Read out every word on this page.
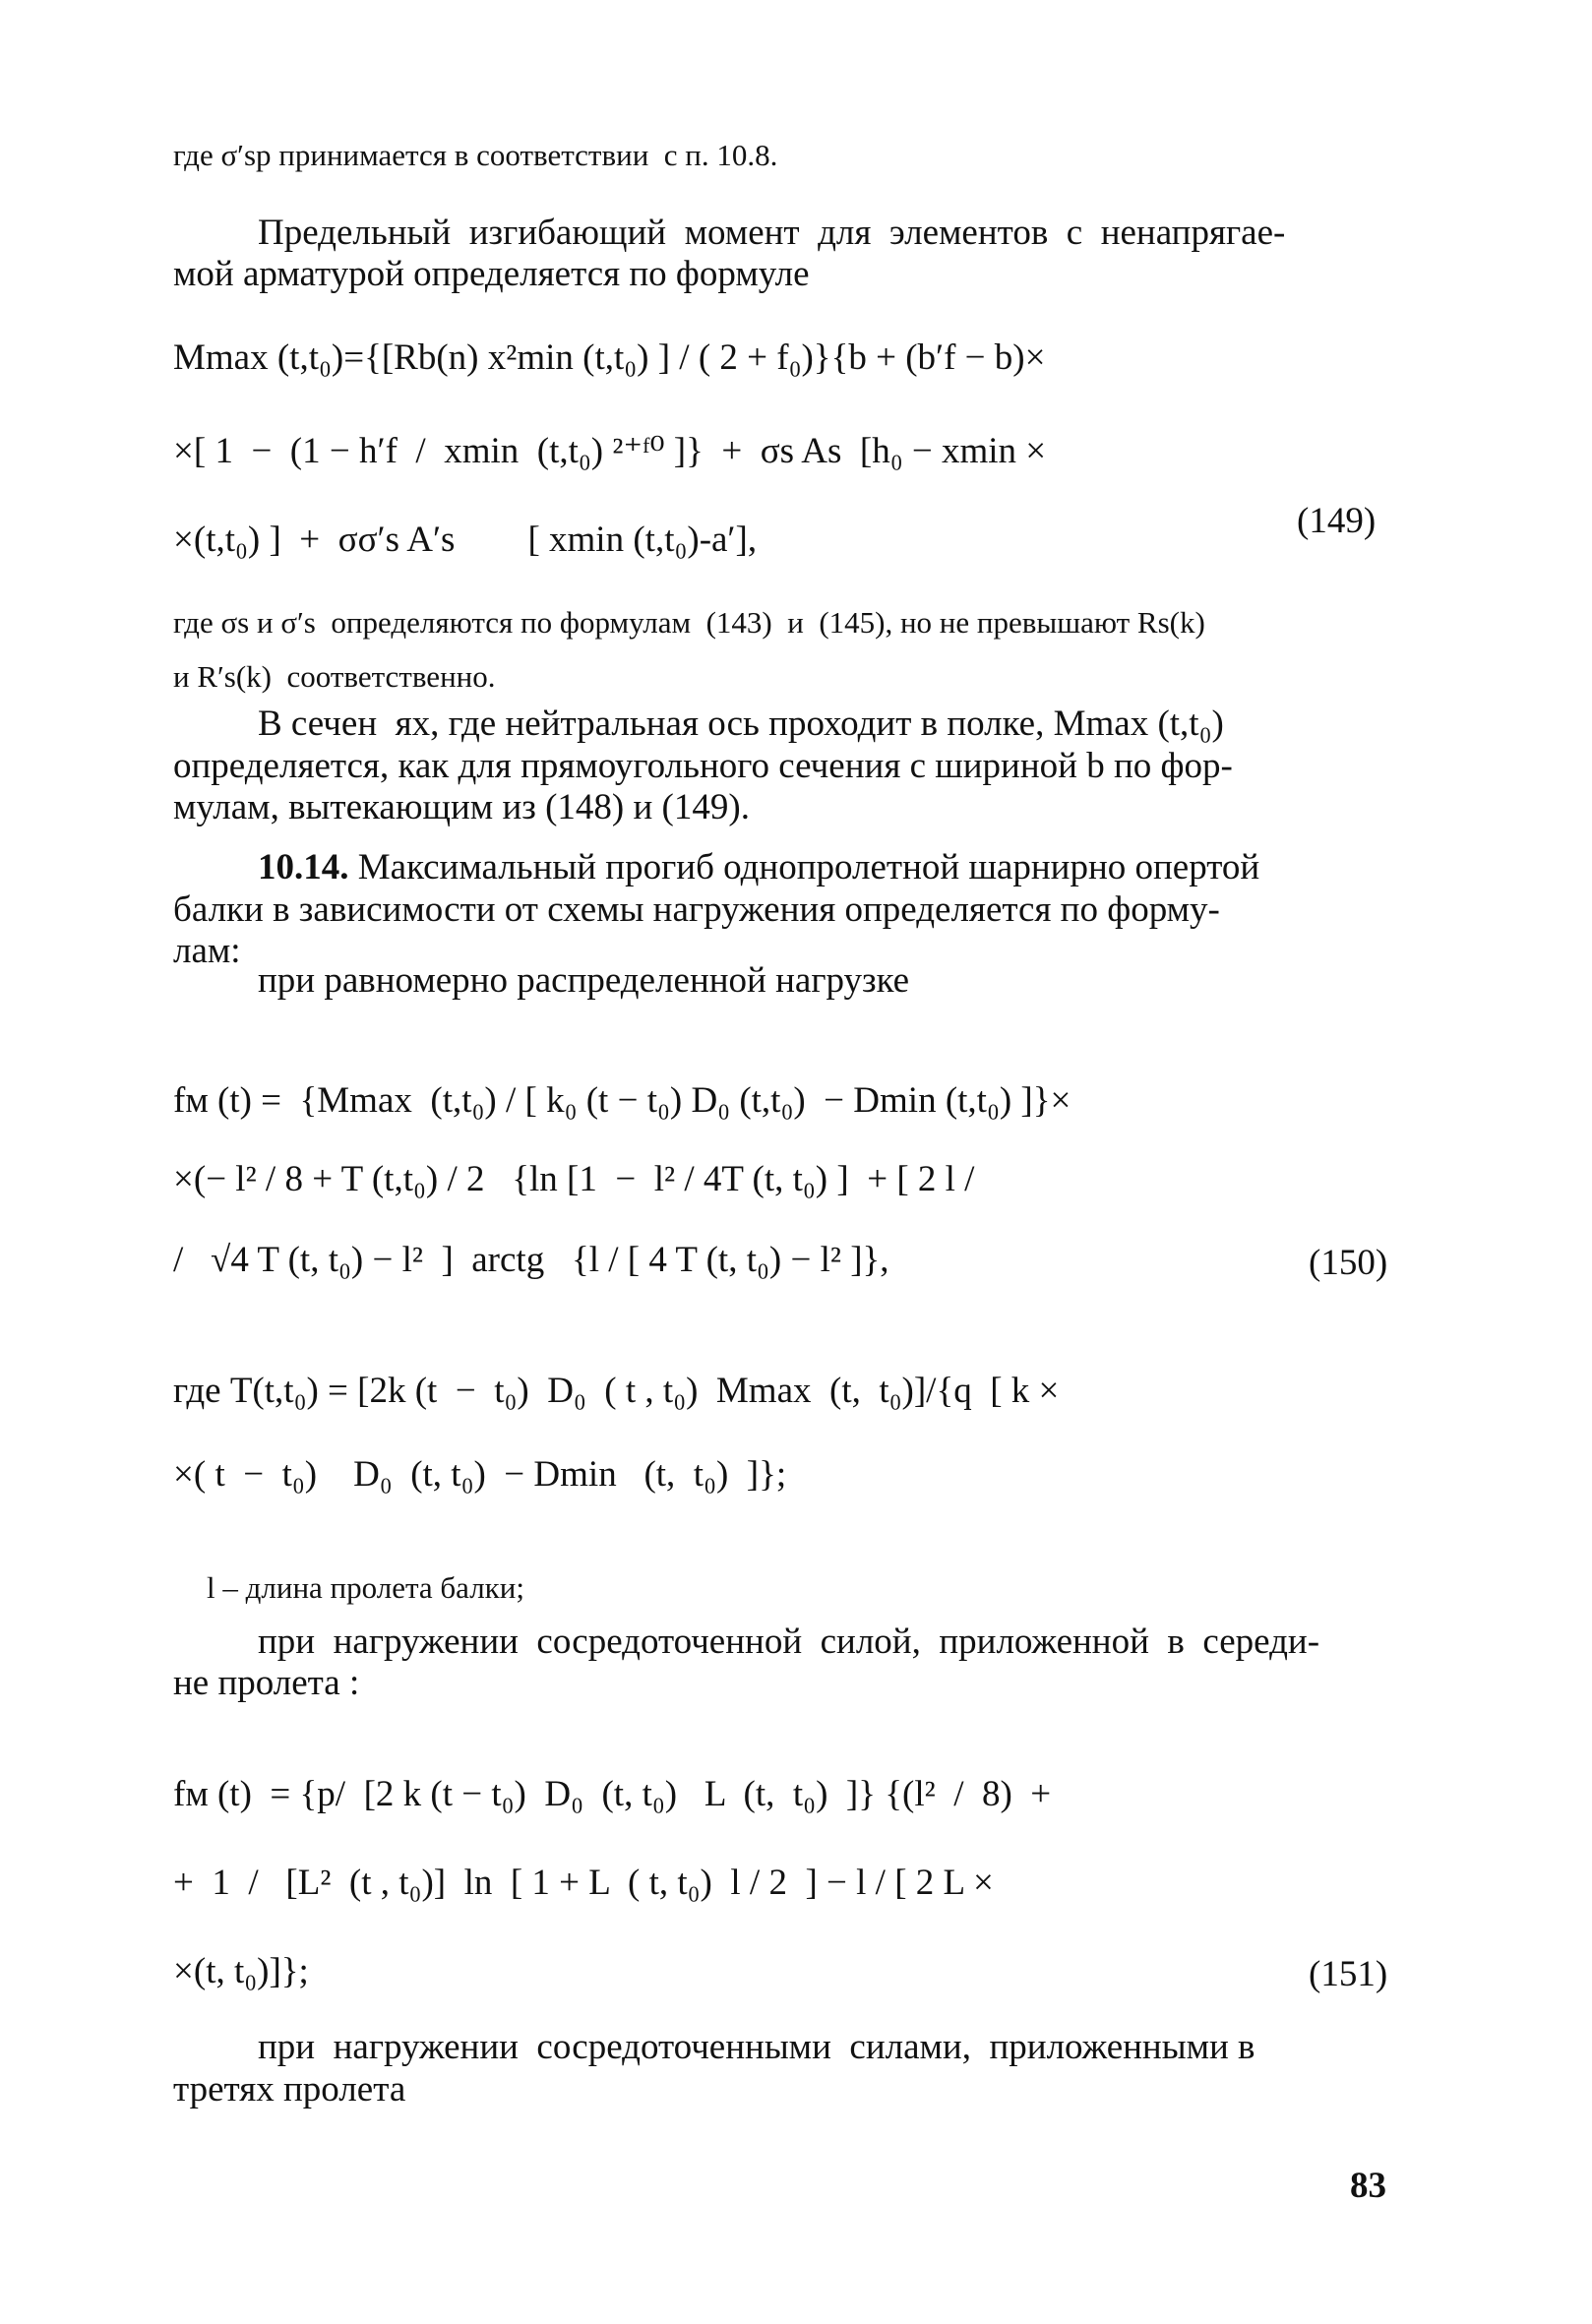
где σ′sp принимается в соответствии  с п. 10.8.
Предельный  изгибающий  момент  для  элементов  с  ненапрягае-
мой арматурой определяется по формуле
Mmax (t,t₀)={[Rb(n) x²min (t,t₀) ] / ( 2 + f₀)}{b + (b′f − b)×
×[ 1  −  (1 − h′f  /  xmin  (t,t₀) ²⁺ᶠ⁰ ]}  +  σs As  [h₀ − xmin ×
×(t,t₀) ]  +  σσ′s A′s        [ xmin (t,t₀)-a′],	(149)
где σs и σ′s  определяются по формулам  (143)  и  (145), но не превышают Rs(k)
и R′s(k)  соответственно.
В сечен  ях, где нейтральная ось проходит в полке, Mmax (t,t₀)
определяется, как для прямоугольного сечения с шириной b по фор-
мулам, вытекающим из (148) и (149).
10.14. Максимальный прогиб однопролетной шарнирно опертой
балки в зависимости от схемы нагружения определяется по форму-
лам:
при равномерно распределенной нагрузке
fм (t) =  {Mmax  (t,t₀) / [ k₀ (t − t₀) D₀ (t,t₀)  − Dmin (t,t₀) ]}×
×(− l² / 8 + T (t,t₀) / 2   {ln [1  −  l² / 4T (t, t₀) ]  + [ 2 l /
/   √4 T (t, t₀) − l²  ]  arctg   {l / [ 4 T (t, t₀) − l² ]},	(150)
где T(t,t₀) = [2k (t  −  t₀)  D₀  ( t , t₀)  Mmax  (t,  t₀)]/{q  [ k ×
×( t  −  t₀)    D₀  (t, t₀)  − Dmin   (t,  t₀)  ]};
l – длина пролета балки;
при  нагружении  сосредоточенной  силой,  приложенной  в  середи-
не пролета :
fм (t)  = {p/  [2 k (t − t₀)  D₀  (t, t₀)   L  (t,  t₀)  ]} {(l²  /  8)  +
+  1  /   [L²  (t , t₀)]  ln  [ 1 + L  ( t, t₀)  l / 2  ] − l / [ 2 L ×
×(t, t₀)]};	(151)
при  нагружении  сосредоточенными  силами,  приложенными в
третях пролета
83
